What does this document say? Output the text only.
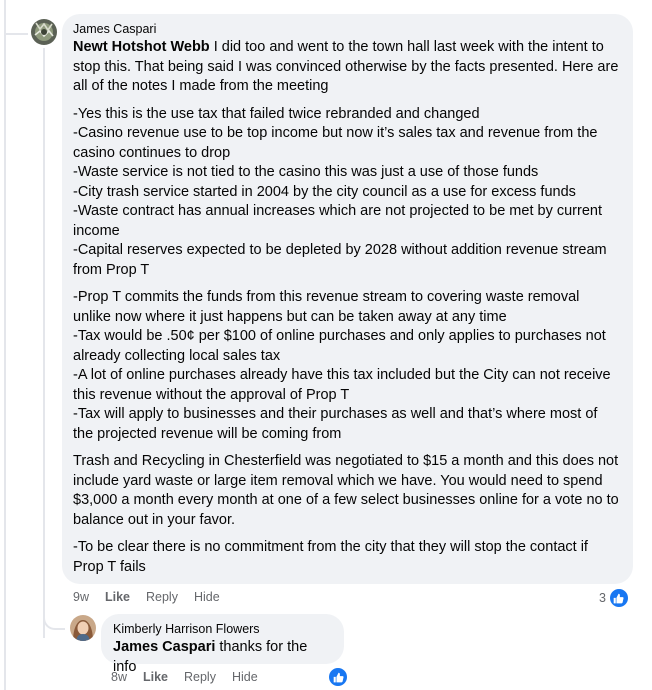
James Caspari

Newt Hotshot Webb I did too and went to the town hall last week with the intent to stop this. That being said I was convinced otherwise by the facts presented. Here are all of the notes I made from the meeting

-Yes this is the use tax that failed twice rebranded and changed
-Casino revenue use to be top income but now it’s sales tax and revenue from the casino continues to drop
-Waste service is not tied to the casino this was just a use of those funds
-City trash service started in 2004 by the city council as a use for excess funds
-Waste contract has annual increases which are not projected to be met by current income
-Capital reserves expected to be depleted by 2028 without addition revenue stream from Prop T

-Prop T commits the funds from this revenue stream to covering waste removal unlike now where it just happens but can be taken away at any time
-Tax would be .50¢ per $100 of online purchases and only applies to purchases not already collecting local sales tax
-A lot of online purchases already have this tax included but the City can not receive this revenue without the approval of Prop T
-Tax will apply to businesses and their purchases as well and that’s where most of the projected revenue will be coming from

Trash and Recycling in Chesterfield was negotiated to $15 a month and this does not include yard waste or large item removal which we have. You would need to spend $3,000 a month every month at one of a few select businesses online for a vote no to balance out in your favor.

-To be clear there is no commitment from the city that they will stop the contact if Prop T fails

9w Like Reply Hide	3
Kimberly Harrison Flowers
James Caspari thanks for the info
8w Like Reply Hide
